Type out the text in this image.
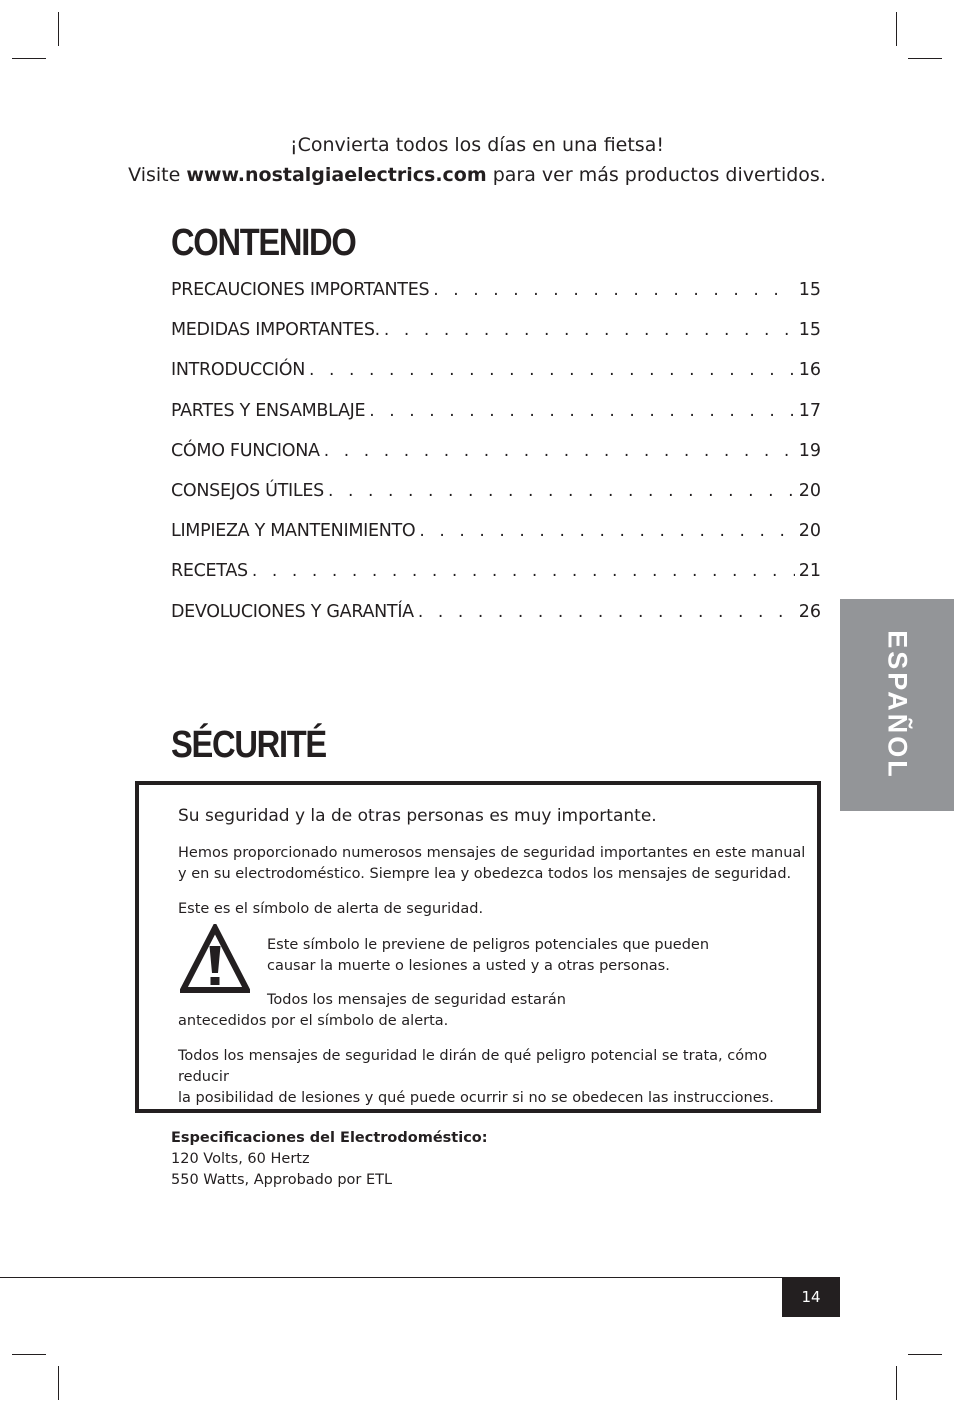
¡Convierta todos los días en una fietsa!
Visite www.nostalgiaelectrics.com para ver más productos divertidos.
CONTENIDO
PRECAUCIONES IMPORTANTES . . .	15
MEDIDAS IMPORTANTES. . . .	15
INTRODUCCIÓN . . .	16
PARTES Y ENSAMBLAJE . . .	17
CÓMO FUNCIONA . . .	19
CONSEJOS ÚTILES . . .	20
LIMPIEZA Y MANTENIMIENTO . . .	20
RECETAS . . .	21
DEVOLUCIONES Y GARANTÍA . . .	26
SÉCURITÉ
Su seguridad y la de otras personas es muy importante.

Hemos proporcionado numerosos mensajes de seguridad importantes en este manual
y en su electrodoméstico. Siempre lea y obedezca todos los mensajes de seguridad.

Este es el símbolo de alerta de seguridad.

Este símbolo le previene de peligros potenciales que pueden
causar la muerte o lesiones a usted y a otras personas.

Todos los mensajes de seguridad estarán

antecedidos por el símbolo de alerta.

Todos los mensajes de seguridad le dirán de qué peligro potencial se trata, cómo reducir
la posibilidad de lesiones y qué puede ocurrir si no se obedecen las instrucciones.

Especificaciones del Electrodoméstico:
120 Volts, 60 Hertz
550 Watts, Approbado por ETL
ESPAÑOL
14
